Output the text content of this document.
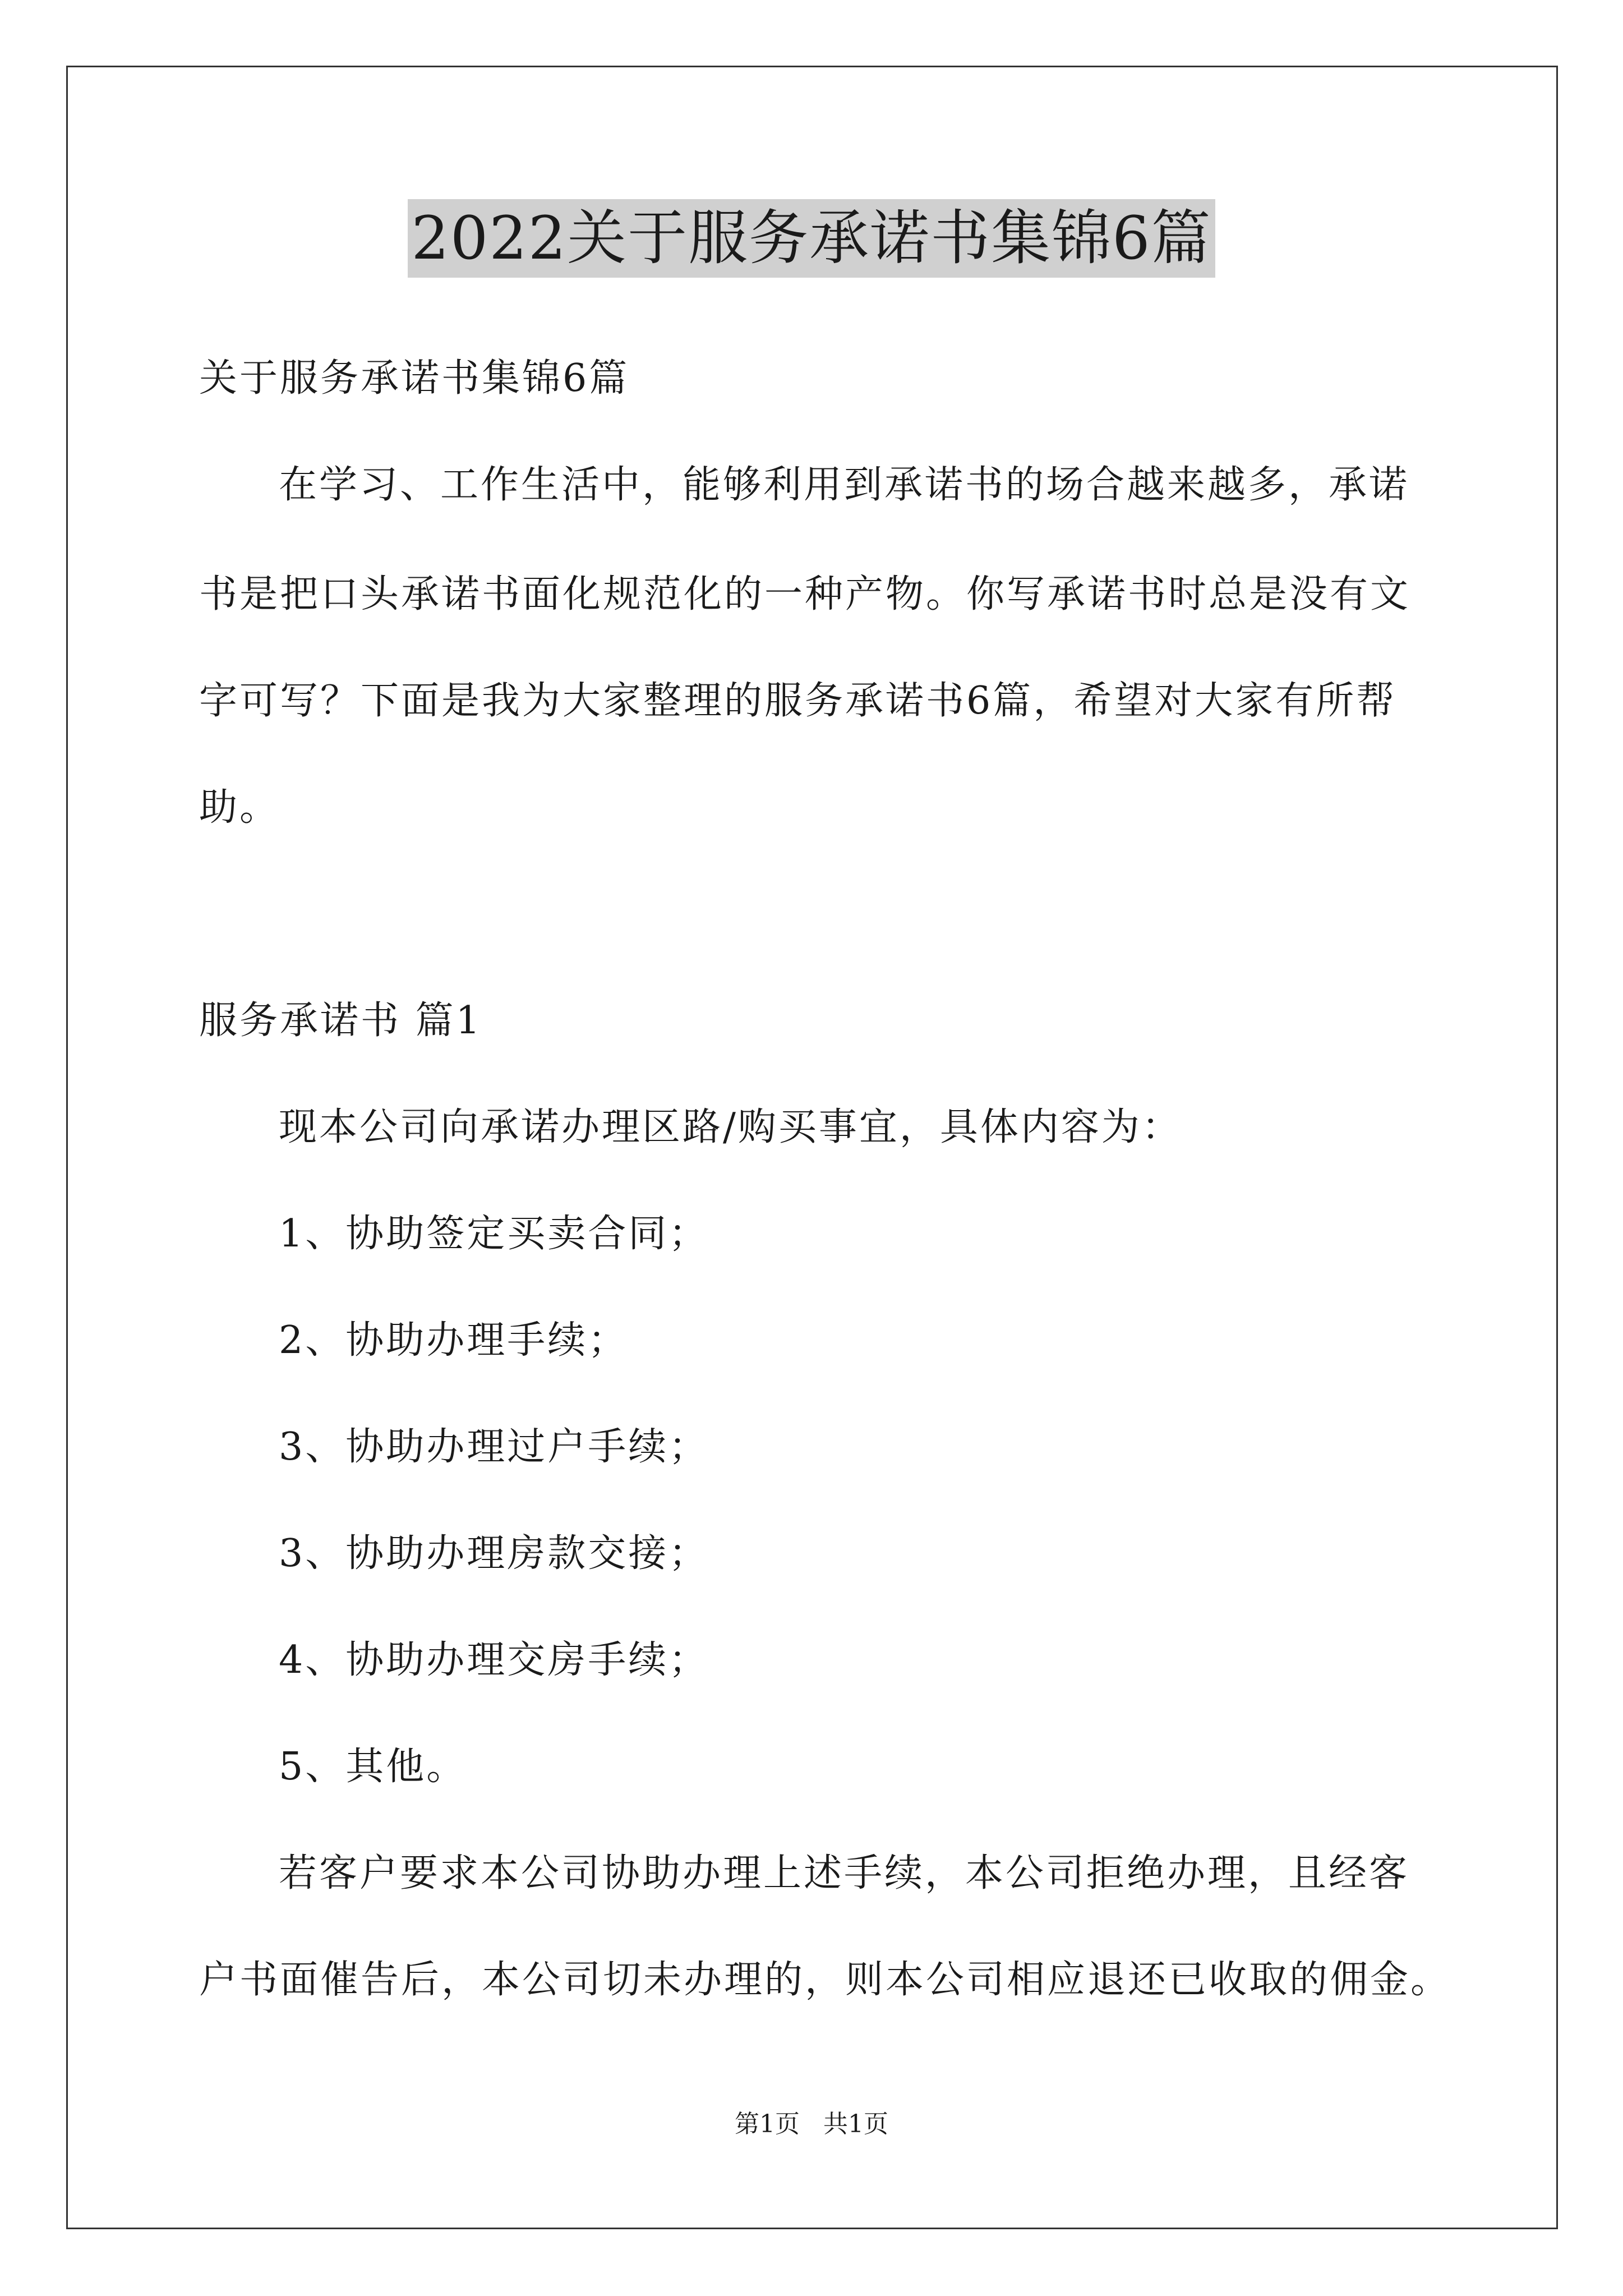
2022关于服务承诺书集锦6篇
关于服务承诺书集锦6篇
在学习、工作生活中，能够利用到承诺书的场合越来越多，承诺
书是把口头承诺书面化规范化的一种产物。你写承诺书时总是没有文
字可写？下面是我为大家整理的服务承诺书6篇，希望对大家有所帮
助。
服务承诺书 篇1
现本公司向承诺办理区路/购买事宜，具体内容为：
1、协助签定买卖合同；
2、协助办理手续；
3、协助办理过户手续；
3、协助办理房款交接；
4、协助办理交房手续；
5、其他。
若客户要求本公司协助办理上述手续，本公司拒绝办理，且经客
户书面催告后，本公司切未办理的，则本公司相应退还已收取的佣金。
第1页   共1页
